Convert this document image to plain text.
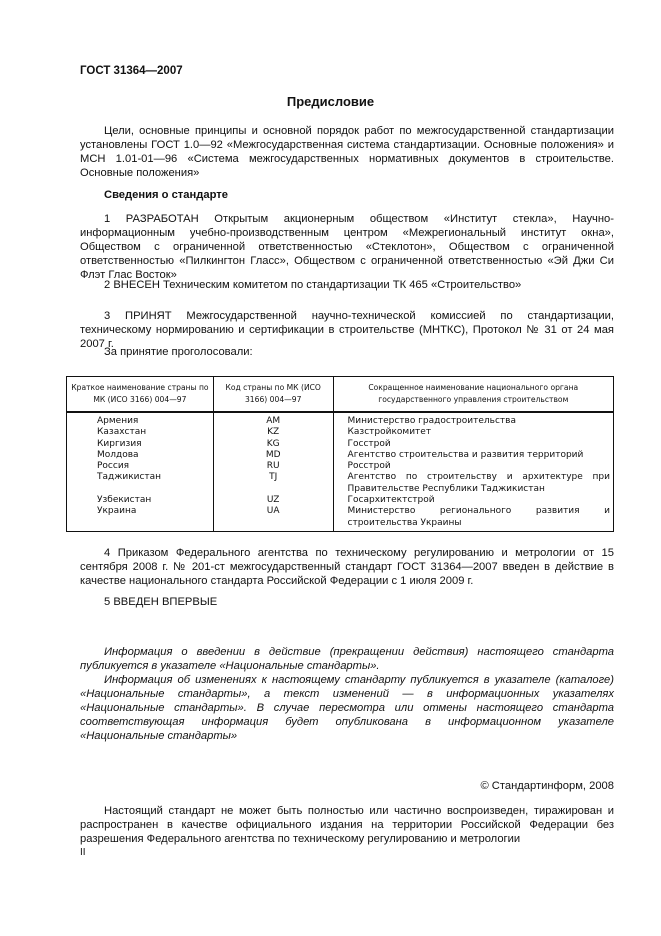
ГОСТ 31364—2007
Предисловие

Цели, основные принципы и основной порядок работ по межгосударственной стандартизации установлены ГОСТ 1.0—92 «Межгосударственная система стандартизации. Основные положения» и МСН 1.01-01—96 «Система межгосударственных нормативных документов в строительстве. Основные положения»

Сведения о стандарте

1 РАЗРАБОТАН Открытым акционерным обществом «Институт стекла», Научно-информационным учебно-производственным центром «Межрегиональный институт окна», Обществом с ограниченной ответственностью «Стеклотон», Обществом с ограниченной ответственностью «Пилкингтон Гласс», Обществом с ограниченной ответственностью «Эй Джи Си Флэт Глас Восток»

2 ВНЕСЕН Техническим комитетом по стандартизации ТК 465 «Строительство»

3 ПРИНЯТ Межгосударственной научно-технической комиссией по стандартизации, техническому нормированию и сертификации в строительстве (МНТКС), Протокол № 31 от 24 мая 2007 г.

За принятие проголосовали:
Краткое наименование страны по МК (ИСО 3166) 004—97	Код страны по МК (ИСО 3166) 004—97	Сокращенное наименование национального органа государственного управления строительством
Армения	AM	Министерство градостроительства
Казахстан	KZ	Казстройкомитет
Киргизия	KG	Госстрой
Молдова	MD	Агентство строительства и развития территорий
Россия	RU	Росстрой
Таджикистан	TJ	Агентство по строительству и архитектуре при Правительстве Республики Таджикистан
Узбекистан	UZ	Госархитектстрой
Украина	UA	Министерство регионального развития и строительства Украины

4 Приказом Федерального агентства по техническому регулированию и метрологии от 15 сентября 2008 г. № 201-ст межгосударственный стандарт ГОСТ 31364—2007 введен в действие в качестве национального стандарта Российской Федерации с 1 июля 2009 г.

5 ВВЕДЕН ВПЕРВЫЕ

Информация о введении в действие (прекращении действия) настоящего стандарта публикуется в указателе «Национальные стандарты».

Информация об изменениях к настоящему стандарту публикуется в указателе (каталоге) «Национальные стандарты», а текст изменений — в информационных указателях «Национальные стандарты». В случае пересмотра или отмены настоящего стандарта соответствующая информация будет опубликована в информационном указателе «Национальные стандарты»

© Стандартинформ, 2008

Настоящий стандарт не может быть полностью или частично воспроизведен, тиражирован и распространен в качестве официального издания на территории Российской Федерации без разрешения Федерального агентства по техническому регулированию и метрологии

II
